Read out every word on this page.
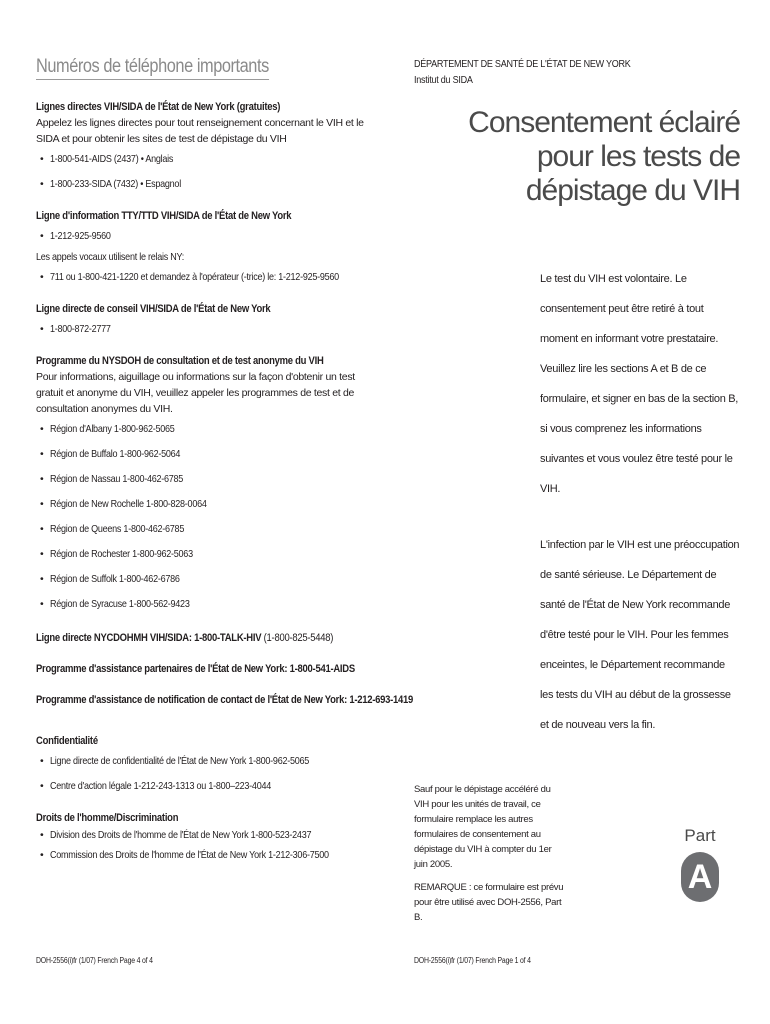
Numéros de téléphone importants
Lignes directes VIH/SIDA de l'État de New York (gratuites)
Appelez les lignes directes pour tout renseignement concernant le VIH et le SIDA et pour obtenir les sites de test de dépistage du VIH
• 1-800-541-AIDS (2437) • Anglais
• 1-800-233-SIDA (7432) • Espagnol
Ligne d'information TTY/TTD VIH/SIDA de l'État de New York
• 1-212-925-9560
Les appels vocaux utilisent le relais NY:
• 711 ou 1-800-421-1220 et demandez à l'opérateur (-trice) le: 1-212-925-9560
Ligne directe de conseil VIH/SIDA de l'État de New York
• 1-800-872-2777
Programme du NYSDOH de consultation et de test anonyme du VIH
Pour informations, aiguillage ou informations sur la façon d'obtenir un test gratuit et anonyme du VIH, veuillez appeler les programmes de test et de consultation anonymes du VIH.
• Région d'Albany 1-800-962-5065
• Région de Buffalo 1-800-962-5064
• Région de Nassau 1-800-462-6785
• Région de New Rochelle 1-800-828-0064
• Région de Queens 1-800-462-6785
• Région de Rochester 1-800-962-5063
• Région de Suffolk 1-800-462-6786
• Région de Syracuse 1-800-562-9423
Ligne directe NYCDOHMH VIH/SIDA: 1-800-TALK-HIV (1-800-825-5448)
Programme d'assistance partenaires de l'État de New York: 1-800-541-AIDS
Programme d'assistance de notification de contact de l'État de New York: 1-212-693-1419
Confidentialité
• Ligne directe de confidentialité de l'État de New York 1-800-962-5065
• Centre d'action légale 1-212-243-1313 ou 1-800–223-4044
Droits de l'homme/Discrimination
• Division des Droits de l'homme de l'État de New York 1-800-523-2437
• Commission des Droits de l'homme de l'État de New York 1-212-306-7500
DOH-2556(i)fr (1/07) French Page 4 of 4
DÉPARTEMENT DE SANTÉ DE L'ÉTAT DE NEW YORK
Institut du SIDA
Consentement éclairé
pour les tests de dépistage du VIH

Le test du VIH est volontaire. Le consentement peut être retiré à tout moment en informant votre prestataire. Veuillez lire les sections A et B de ce formulaire, et signer en bas de la section B, si vous comprenez les informations suivantes et vous voulez être testé pour le VIH.

L'infection par le VIH est une préoccupation de santé sérieuse. Le Département de santé de l'État de New York recommande d'être testé pour le VIH. Pour les femmes enceintes, le Département recommande les tests du VIH au début de la grossesse et de nouveau vers la fin.

Sauf pour le dépistage accéléré du VIH pour les unités de travail, ce formulaire remplace les autres formulaires de consentement au dépistage du VIH à compter du 1er juin 2005.

REMARQUE : ce formulaire est prévu pour être utilisé avec DOH-2556, Part B.

Part
A
DOH-2556(i)fr (1/07) French Page 1 of 4
